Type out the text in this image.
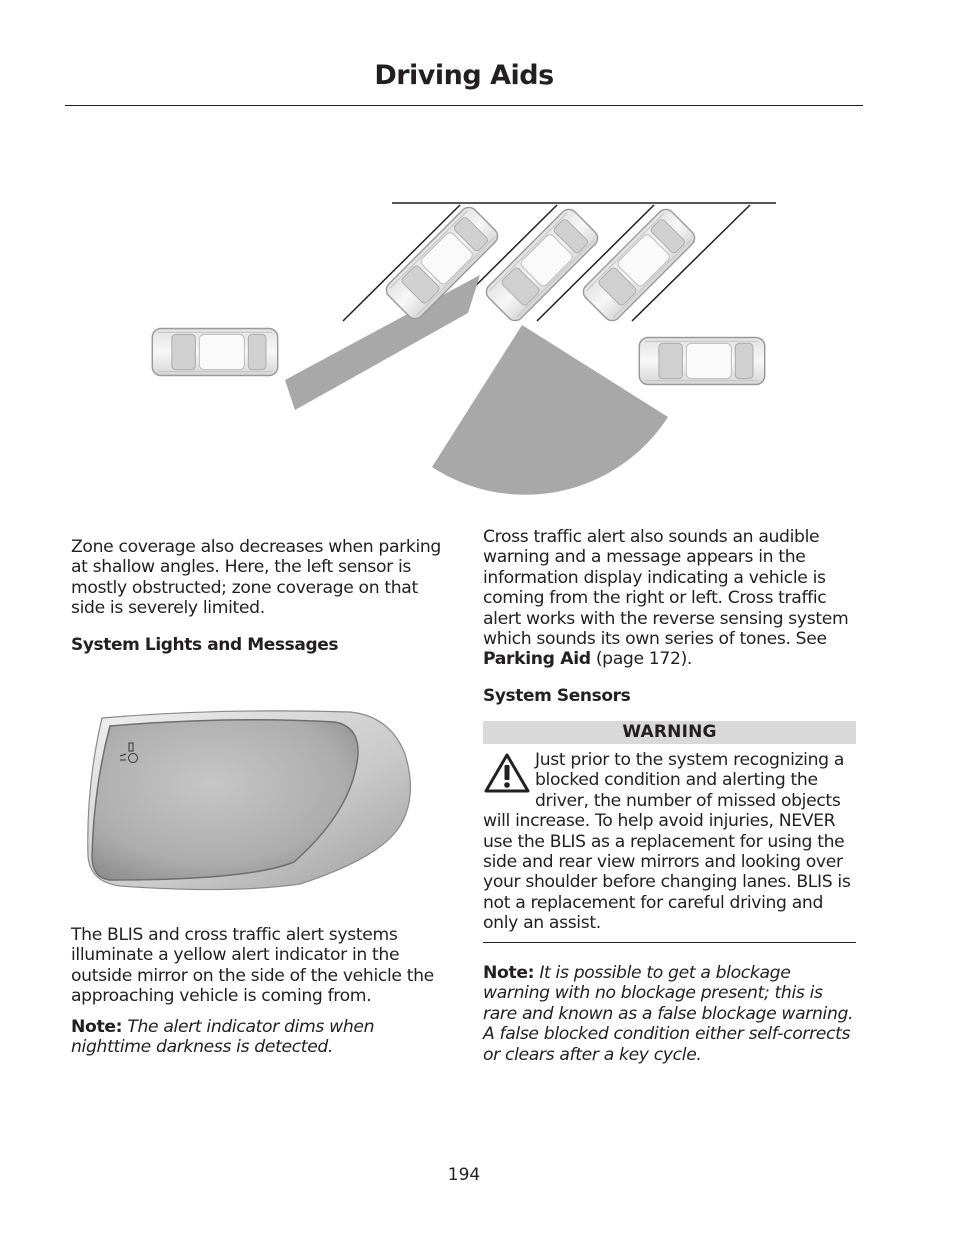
Driving Aids

Zone coverage also decreases when parking at shallow angles. Here, the left sensor is mostly obstructed; zone coverage on that side is severely limited.

System Lights and Messages

The BLIS and cross traffic alert systems illuminate a yellow alert indicator in the outside mirror on the side of the vehicle the approaching vehicle is coming from.

Note: The alert indicator dims when nighttime darkness is detected.

Cross traffic alert also sounds an audible warning and a message appears in the information display indicating a vehicle is coming from the right or left. Cross traffic alert works with the reverse sensing system which sounds its own series of tones. See Parking Aid (page 172).

System Sensors

WARNING

Just prior to the system recognizing a blocked condition and alerting the driver, the number of missed objects will increase. To help avoid injuries, NEVER use the BLIS as a replacement for using the side and rear view mirrors and looking over your shoulder before changing lanes. BLIS is not a replacement for careful driving and only an assist.

Note: It is possible to get a blockage warning with no blockage present; this is rare and known as a false blockage warning. A false blocked condition either self-corrects or clears after a key cycle.

194
